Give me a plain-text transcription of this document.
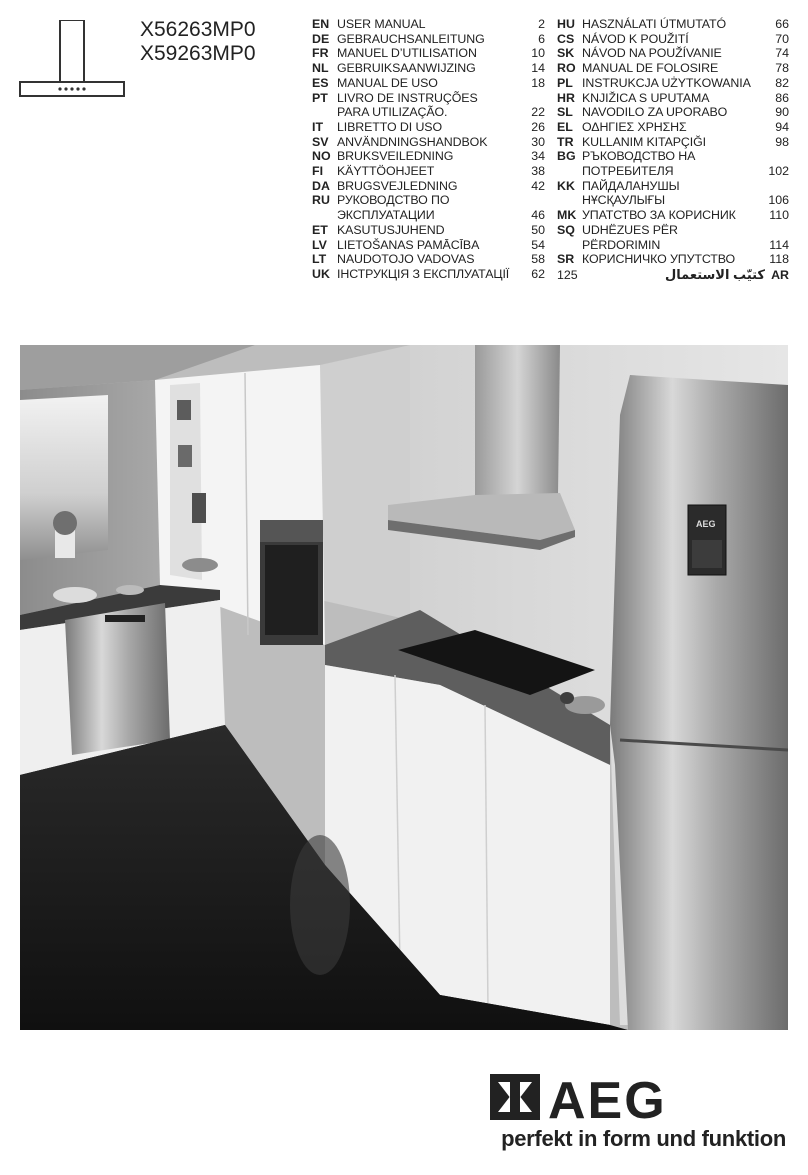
X56263MP0
X59263MP0
EN USER MANUAL	2
DE GEBRAUCHSANLEITUNG	6
FR MANUEL D’UTILISATION	10
NL GEBRUIKSAANWIJZING	14
ES MANUAL DE USO	18
PT LIVRO DE INSTRUÇÕES
PARA UTILIZAÇÃO.	22
IT	LIBRETTO DI USO	26
SV ANVÄNDNINGSHANDBOK	30
NO BRUKSVEILEDNING	34
FI	KÄYTTÖOHJEET	38
DA BRUGSVEJLEDNING	42
RU РУКОВОДСТВО ПО
ЭКСПЛУАТАЦИИ	46
ET KASUTUSJUHEND	50
LV LIETOŠANAS PAMĀCĪBA	54
LT NAUDOTOJO VADOVAS	58
UK ІНСТРУКЦІЯ З ЕКСПЛУАТАЦІЇ	62
HU HASZNÁLATI ÚTMUTATÓ	66
CS NÁVOD K POUŽITÍ	70
SK NÁVOD NA POUŽÍVANIE	74
RO MANUAL DE FOLOSIRE	78
PL INSTRUKCJA UŻYTKOWANIA	82
HR KNJIŽICA S UPUTAMA	86
SL NAVODILO ZA UPORABO	90
EL ΟΔΗΓΙΕΣ ΧΡΗΣΗΣ	94
TR KULLANIM KITAPÇIĞI	98
BG РЪКОВОДСТВО НА
ПОТРЕБИТЕЛЯ	102
KK ПАЙДАЛАНУШЫ
НҰСҚАУЛЫҒЫ	106
MK УПАТСТВО ЗА КОРИСНИК	110
SQ UDHËZUES PËR
PËRDORIMIN	114
SR КОРИСНИЧКО УПУТСТВО	118
125	كتيّب الاستعمال AR
AEG
AEG
perfekt in form und funktion
